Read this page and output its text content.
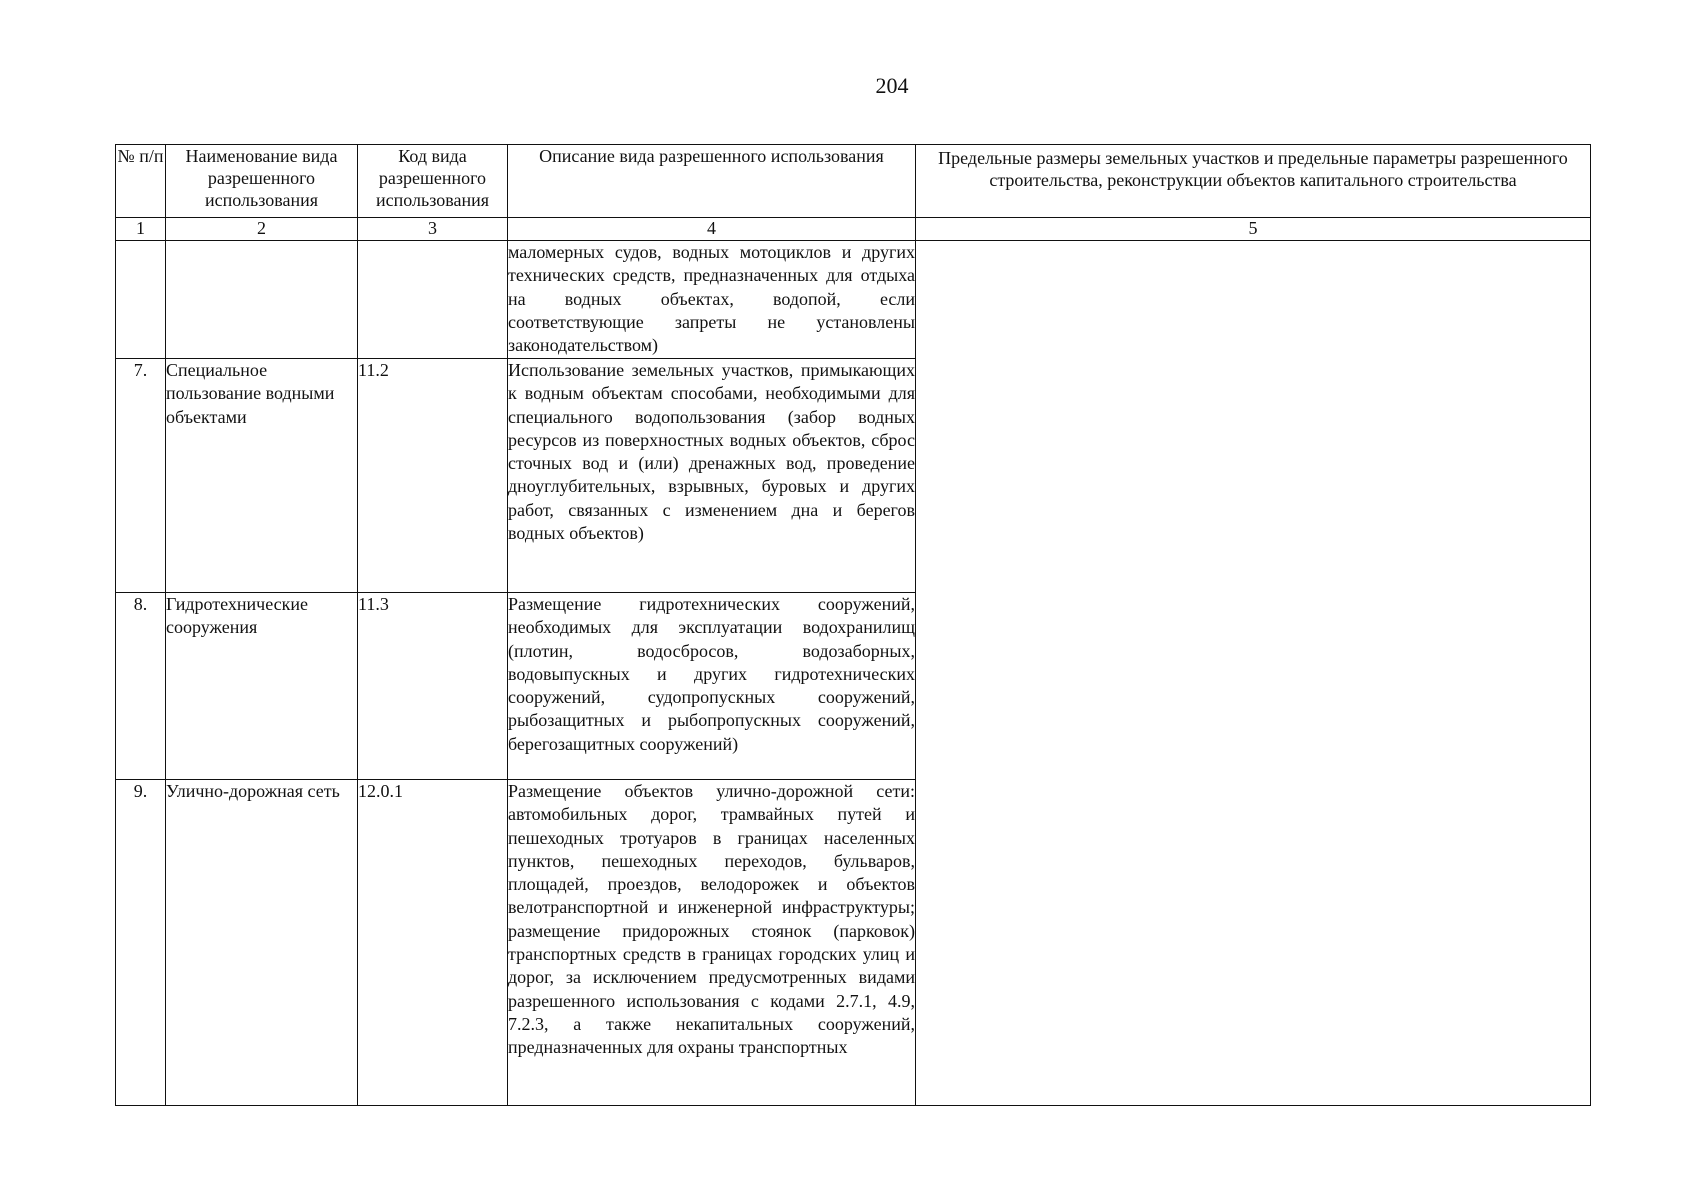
204
№ п/п	Наименование вида разрешенного использования	Код вида разрешенного использования	Описание вида разрешенного использования	Предельные размеры земельных участков и предельные параметры разрешенного строительства, реконструкции объектов капитального строительства
1	2	3	4	5

			маломерных судов, водных мотоциклов и других технических средств, предназначенных для отдыха на водных объектах, водопой, если соответствующие запреты не установлены законодательством)	

7.	Специальное пользование водными объектами	11.2	Использование земельных участков, примыкающих к водным объектам способами, необходимыми для специального водопользования (забор водных ресурсов из поверхностных водных объектов, сброс сточных вод и (или) дренажных вод, проведение дноуглубительных, взрывных, буровых и других работ, связанных с изменением дна и берегов водных объектов)	

8.	Гидротехнические сооружения	11.3	Размещение гидротехнических сооружений, необходимых для эксплуатации водохранилищ (плотин, водосбросов, водозаборных, водовыпускных и других гидротехнических сооружений, судопропускных сооружений, рыбозащитных и рыбопропускных сооружений, берегозащитных сооружений)	

9.	Улично-дорожная сеть	12.0.1	Размещение объектов улично-дорожной сети: автомобильных дорог, трамвайных путей и пешеходных тротуаров в границах населенных пунктов, пешеходных переходов, бульваров, площадей, проездов, велодорожек и объектов велотранспортной и инженерной инфраструктуры; размещение придорожных стоянок (парковок) транспортных средств в границах городских улиц и дорог, за исключением предусмотренных видами разрешенного использования с кодами 2.7.1, 4.9, 7.2.3, а также некапитальных сооружений, предназначенных для охраны транспортных	
